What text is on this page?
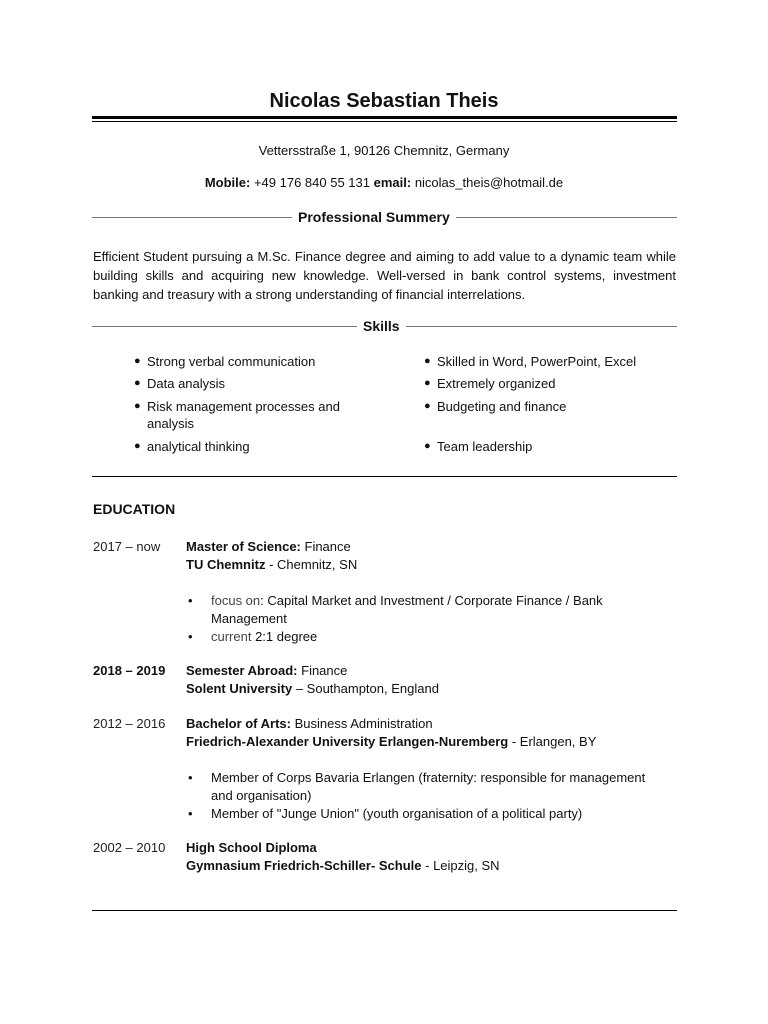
Nicolas Sebastian Theis
Vettersstraße 1, 90126 Chemnitz, Germany
Mobile: +49 176 840 55 131 email: nicolas_theis@hotmail.de
Professional Summery
Efficient Student pursuing a M.Sc. Finance degree and aiming to add value to a dynamic team while building skills and acquiring new knowledge. Well-versed in bank control systems, investment banking and treasury with a strong understanding of financial interrelations.
Skills
● Strong verbal communication
● Data analysis
● Risk management processes and analysis
● analytical thinking
● Skilled in Word, PowerPoint, Excel
● Extremely organized
● Budgeting and finance
● Team leadership
EDUCATION
2017 – now Master of Science: Finance
TU Chemnitz - Chemnitz, SN
•	focus on: Capital Market and Investment / Corporate Finance / Bank Management
•	current 2:1 degree
2018 – 2019 Semester Abroad: Finance
Solent University – Southampton, England
2012 – 2016 Bachelor of Arts: Business Administration
Friedrich-Alexander University Erlangen-Nuremberg - Erlangen, BY
•	Member of Corps Bavaria Erlangen (fraternity: responsible for management and organisation)
•	Member of "Junge Union" (youth organisation of a political party)
2002 – 2010 High School Diploma
Gymnasium Friedrich-Schiller- Schule - Leipzig, SN
